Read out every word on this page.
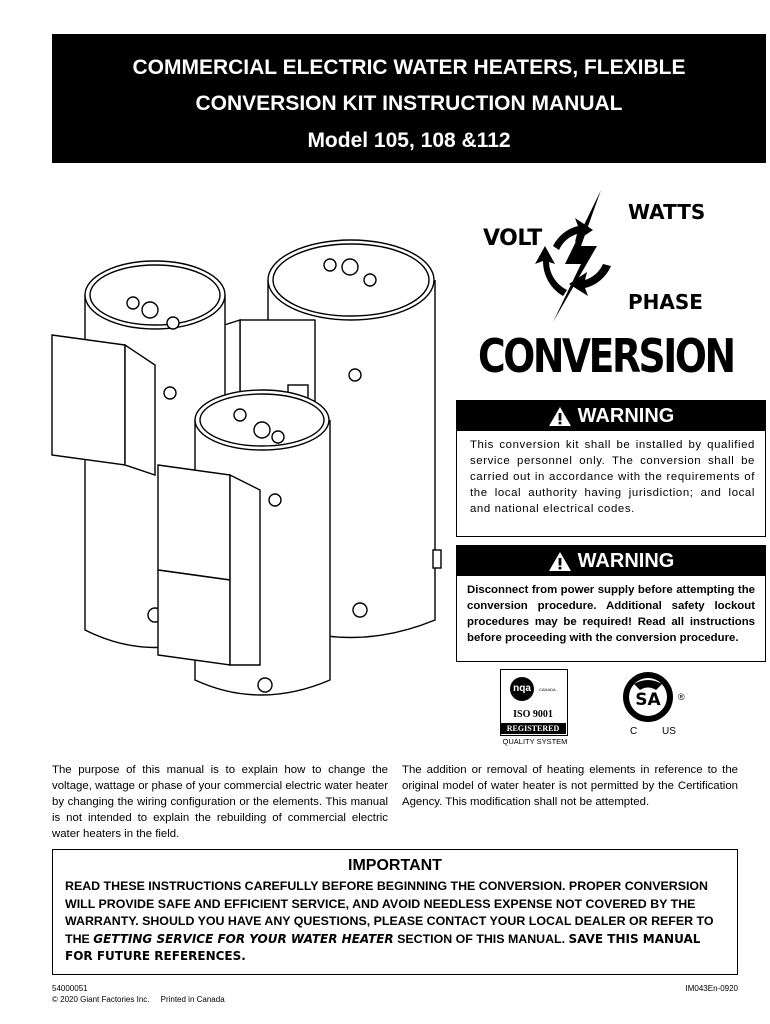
COMMERCIAL ELECTRIC WATER HEATERS, FLEXIBLE
CONVERSION KIT INSTRUCTION MANUAL
Model 105, 108 &112
VOLT
WATTS
PHASE
CONVERSION
WARNING
This conversion kit shall be installed by qualified service personnel only. The conversion shall be carried out in accordance with the requirements of the local authority having jurisdiction; and local and national electrical codes.
WARNING
Disconnect from power supply before attempting the conversion procedure. Additional safety lockout procedures may be required! Read all instructions before proceeding with the conversion procedure.
nqa	CANADA
ISO 9001
REGISTERED
QUALITY SYSTEM
SA ®
C US
The purpose of this manual is to explain how to change the voltage, wattage or phase of your commercial electric water heater by changing the wiring configuration or the elements. This manual is not intended to explain the rebuilding of commercial electric water heaters in the field.
The addition or removal of heating elements in reference to the original model of water heater is not permitted by the Certification Agency. This modification shall not be attempted.
IMPORTANT
READ THESE INSTRUCTIONS CAREFULLY BEFORE BEGINNING THE CONVERSION. PROPER CONVERSION WILL PROVIDE SAFE AND EFFICIENT SERVICE, AND AVOID NEEDLESS EXPENSE NOT COVERED BY THE WARRANTY. SHOULD YOU HAVE ANY QUESTIONS, PLEASE CONTACT YOUR LOCAL DEALER OR REFER TO THE GETTING SERVICE FOR YOUR WATER HEATER SECTION OF THIS MANUAL. SAVE THIS MANUAL FOR FUTURE REFERENCES.
54000051
© 2020 Giant Factories Inc.     Printed in Canada
IM043En-0920
